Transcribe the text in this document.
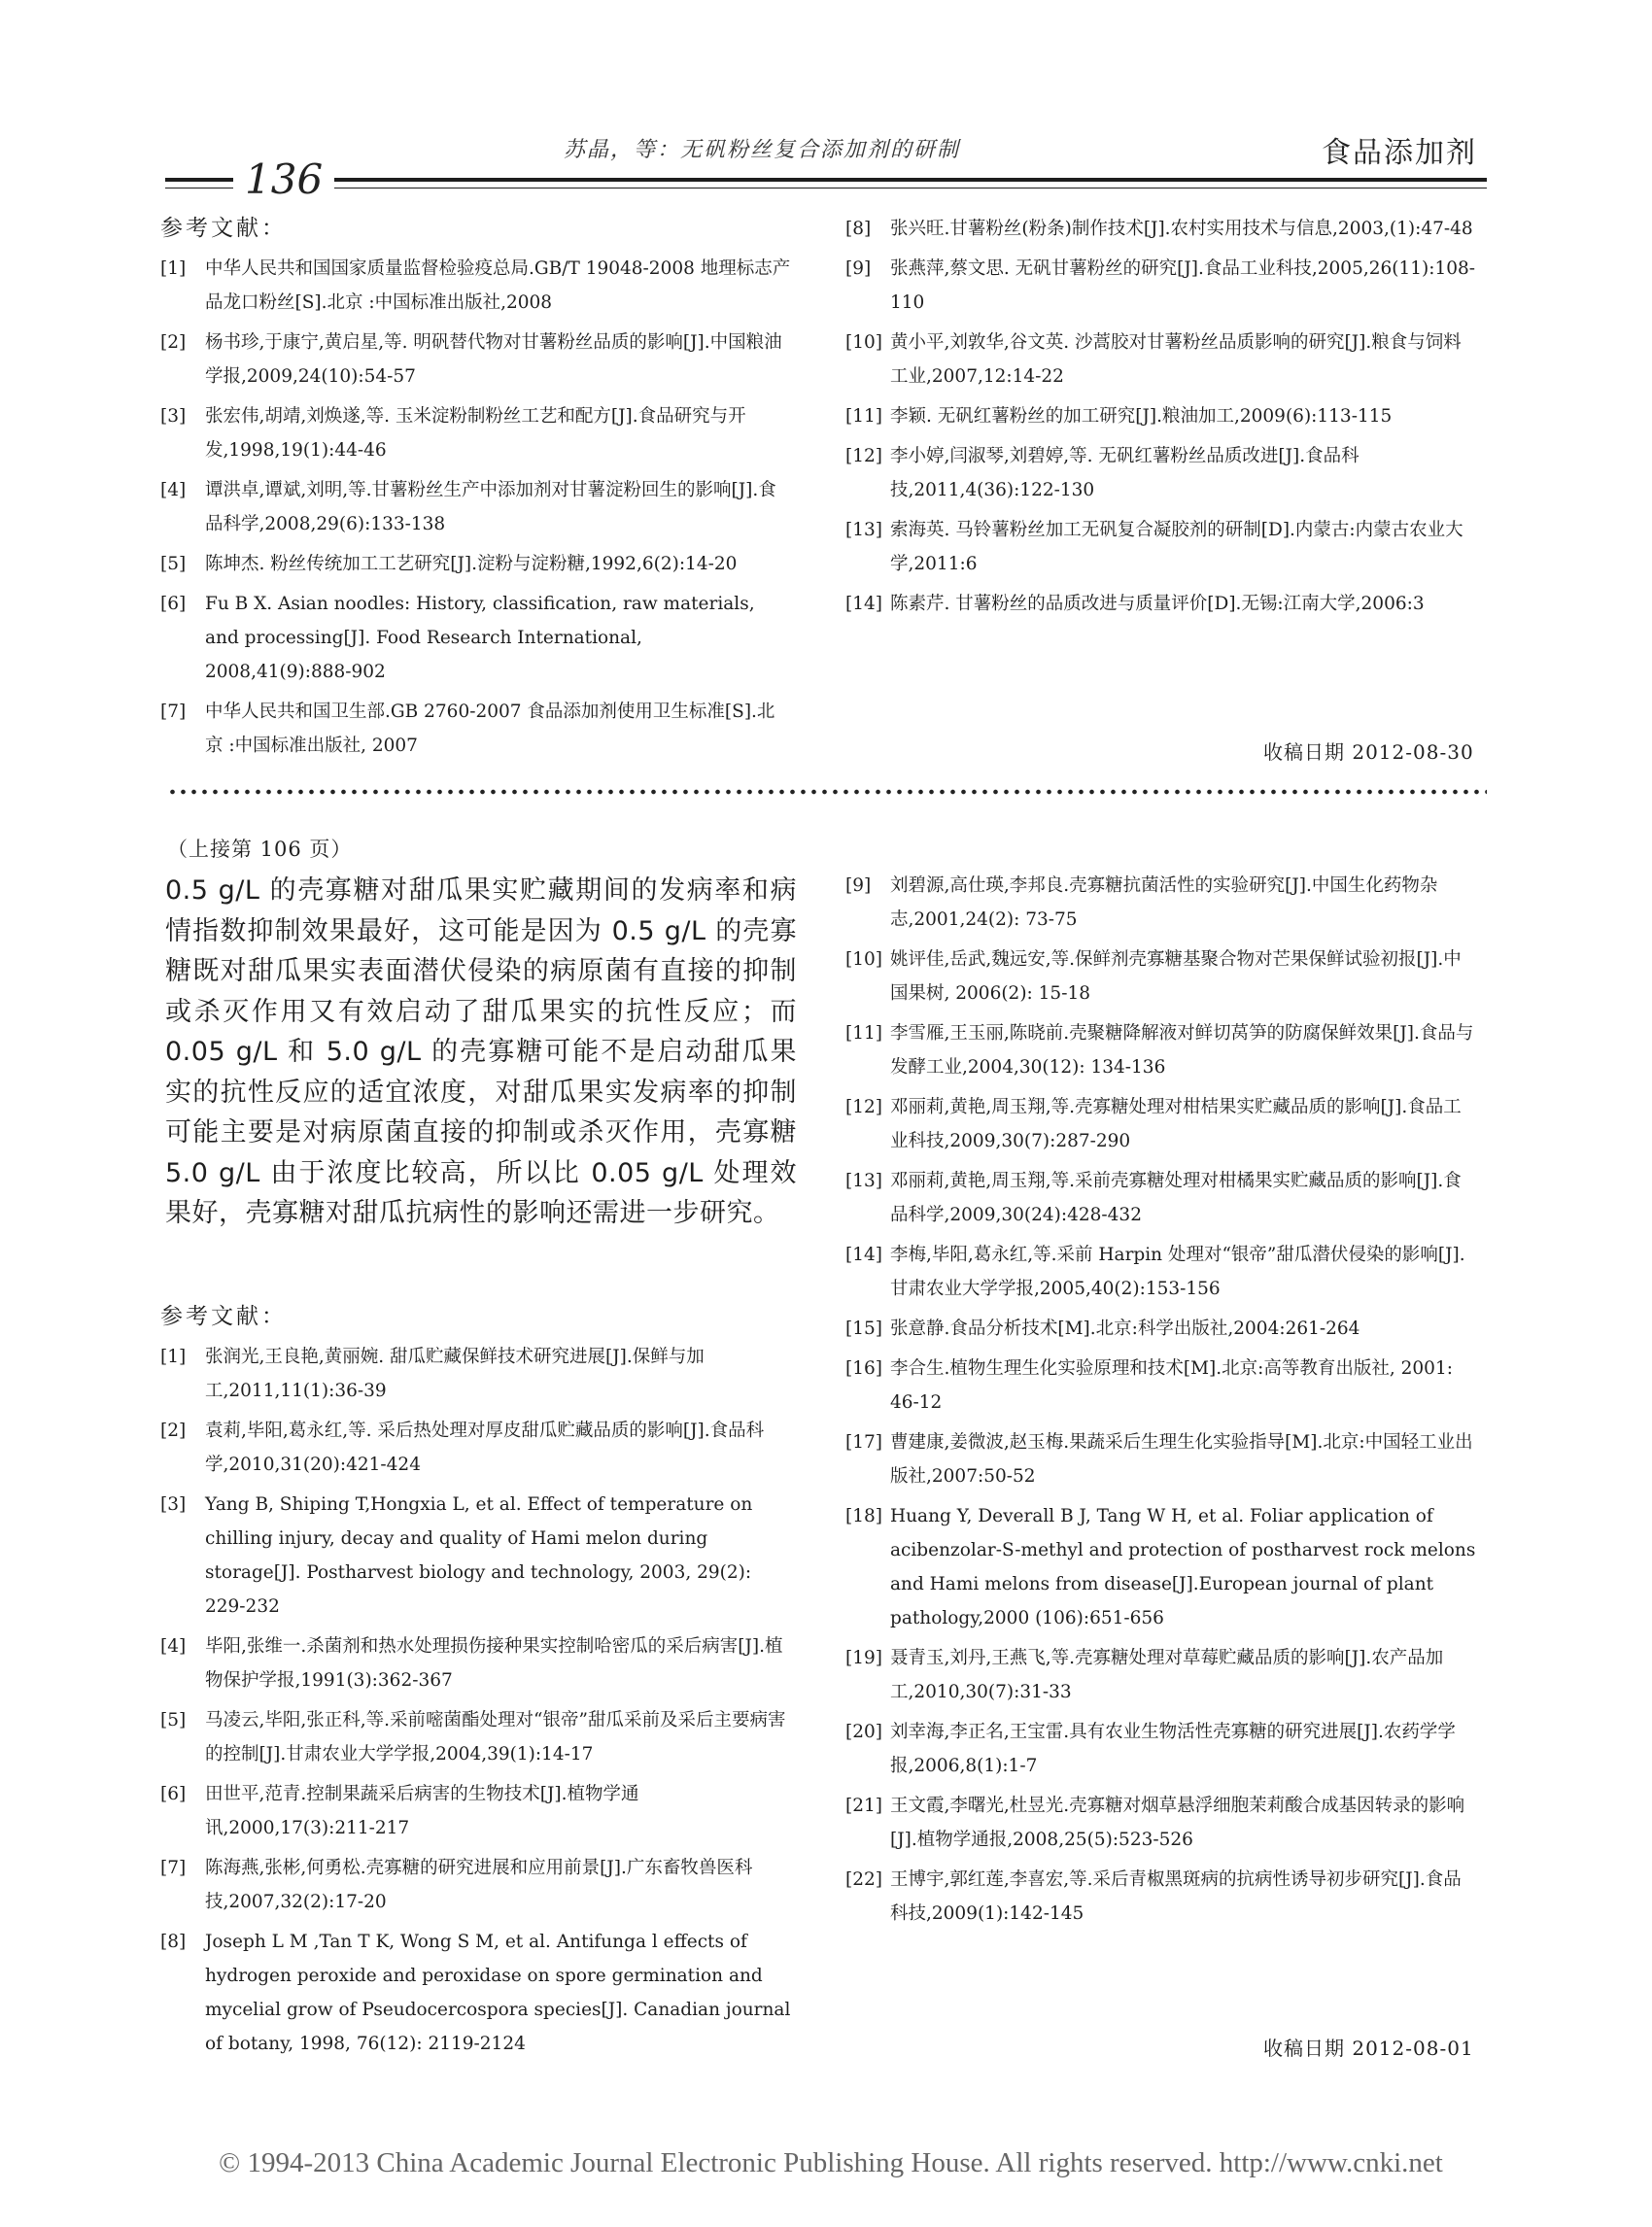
苏晶，等：无矾粉丝复合添加剂的研制	食品添加剂
136
参考文献：
[1]	中华人民共和国国家质量监督检验疫总局.GB/T 19048-2008 地理标志产品龙口粉丝[S].北京 :中国标准出版社,2008
[2]	杨书珍,于康宁,黄启星,等. 明矾替代物对甘薯粉丝品质的影响[J].中国粮油学报,2009,24(10):54-57
[3]	张宏伟,胡靖,刘焕遂,等. 玉米淀粉制粉丝工艺和配方[J].食品研究与开发,1998,19(1):44-46
[4]	谭洪卓,谭斌,刘明,等.甘薯粉丝生产中添加剂对甘薯淀粉回生的影响[J].食品科学,2008,29(6):133-138
[5]	陈坤杰. 粉丝传统加工工艺研究[J].淀粉与淀粉糖,1992,6(2):14-20
[6]	Fu B X. Asian noodles: History, classification, raw materials, and processing[J]. Food Research International, 2008,41(9):888-902
[7]	中华人民共和国卫生部.GB 2760-2007 食品添加剂使用卫生标准[S].北京 :中国标准出版社, 2007
[8]	张兴旺.甘薯粉丝(粉条)制作技术[J].农村实用技术与信息,2003,(1):47-48
[9]	张燕萍,蔡文思. 无矾甘薯粉丝的研究[J].食品工业科技,2005,26(11):108-110
[10] 黄小平,刘敦华,谷文英. 沙蒿胶对甘薯粉丝品质影响的研究[J].粮食与饲料工业,2007,12:14-22
[11] 李颖. 无矾红薯粉丝的加工研究[J].粮油加工,2009(6):113-115
[12] 李小婷,闫淑琴,刘碧婷,等. 无矾红薯粉丝品质改进[J].食品科技,2011,4(36):122-130
[13] 索海英. 马铃薯粉丝加工无矾复合凝胶剂的研制[D].内蒙古:内蒙古农业大学,2011:6
[14] 陈素芹. 甘薯粉丝的品质改进与质量评价[D].无锡:江南大学,2006:3
收稿日期 2012-08-30
（上接第 106 页）
0.5 g/L 的壳寡糖对甜瓜果实贮藏期间的发病率和病情指数抑制效果最好，这可能是因为 0.5 g/L 的壳寡糖既对甜瓜果实表面潜伏侵染的病原菌有直接的抑制或杀灭作用又有效启动了甜瓜果实的抗性反应；而 0.05 g/L 和 5.0 g/L 的壳寡糖可能不是启动甜瓜果实的抗性反应的适宜浓度，对甜瓜果实发病率的抑制可能主要是对病原菌直接的抑制或杀灭作用，壳寡糖 5.0 g/L 由于浓度比较高，所以比 0.05 g/L 处理效果好，壳寡糖对甜瓜抗病性的影响还需进一步研究。
参考文献：
[1]	张润光,王良艳,黄丽婉. 甜瓜贮藏保鲜技术研究进展[J].保鲜与加工,2011,11(1):36-39
[2]	袁莉,毕阳,葛永红,等. 采后热处理对厚皮甜瓜贮藏品质的影响[J].食品科学,2010,31(20):421-424
[3]	Yang B, Shiping T,Hongxia L, et al. Effect of temperature on chilling injury, decay and quality of Hami melon during storage[J]. Postharvest biology and technology, 2003, 29(2): 229-232
[4]	毕阳,张维一.杀菌剂和热水处理损伤接种果实控制哈密瓜的采后病害[J].植物保护学报,1991(3):362-367
[5]	马凌云,毕阳,张正科,等.采前嘧菌酯处理对“银帝”甜瓜采前及采后主要病害的控制[J].甘肃农业大学学报,2004,39(1):14-17
[6]	田世平,范青.控制果蔬采后病害的生物技术[J].植物学通讯,2000,17(3):211-217
[7]	陈海燕,张彬,何勇松.壳寡糖的研究进展和应用前景[J].广东畜牧兽医科技,2007,32(2):17-20
[8]	Joseph L M ,Tan T K, Wong S M, et al. Antifunga l effects of hydrogen peroxide and peroxidase on spore germination and mycelial grow of Pseudocercospora species[J]. Canadian journal of botany, 1998, 76(12): 2119-2124
[9]	刘碧源,高仕瑛,李邦良.壳寡糖抗菌活性的实验研究[J].中国生化药物杂志,2001,24(2): 73-75
[10] 姚评佳,岳武,魏远安,等.保鲜剂壳寡糖基聚合物对芒果保鲜试验初报[J].中国果树, 2006(2): 15-18
[11] 李雪雁,王玉丽,陈晓前.壳聚糖降解液对鲜切莴笋的防腐保鲜效果[J].食品与发酵工业,2004,30(12): 134-136
[12] 邓丽莉,黄艳,周玉翔,等.壳寡糖处理对柑桔果实贮藏品质的影响[J].食品工业科技,2009,30(7):287-290
[13] 邓丽莉,黄艳,周玉翔,等.采前壳寡糖处理对柑橘果实贮藏品质的影响[J].食品科学,2009,30(24):428-432
[14] 李梅,毕阳,葛永红,等.采前 Harpin 处理对“银帝”甜瓜潜伏侵染的影响[J].甘肃农业大学学报,2005,40(2):153-156
[15] 张意静.食品分析技术[M].北京:科学出版社,2004:261-264
[16] 李合生.植物生理生化实验原理和技术[M].北京:高等教育出版社, 2001: 46-12
[17] 曹建康,姜微波,赵玉梅.果蔬采后生理生化实验指导[M].北京:中国轻工业出版社,2007:50-52
[18] Huang Y, Deverall B J, Tang W H, et al. Foliar application of acibenzolar-S-methyl and protection of postharvest rock melons and Hami melons from disease[J].European journal of plant pathology,2000 (106):651-656
[19] 聂青玉,刘丹,王燕飞,等.壳寡糖处理对草莓贮藏品质的影响[J].农产品加工,2010,30(7):31-33
[20] 刘幸海,李正名,王宝雷.具有农业生物活性壳寡糖的研究进展[J].农药学学报,2006,8(1):1-7
[21] 王文霞,李曙光,杜昱光.壳寡糖对烟草悬浮细胞茉莉酸合成基因转录的影响[J].植物学通报,2008,25(5):523-526
[22] 王博宇,郭红莲,李喜宏,等.采后青椒黑斑病的抗病性诱导初步研究[J].食品科技,2009(1):142-145
收稿日期 2012-08-01
© 1994-2013 China Academic Journal Electronic Publishing House. All rights reserved. http://www.cnki.net
